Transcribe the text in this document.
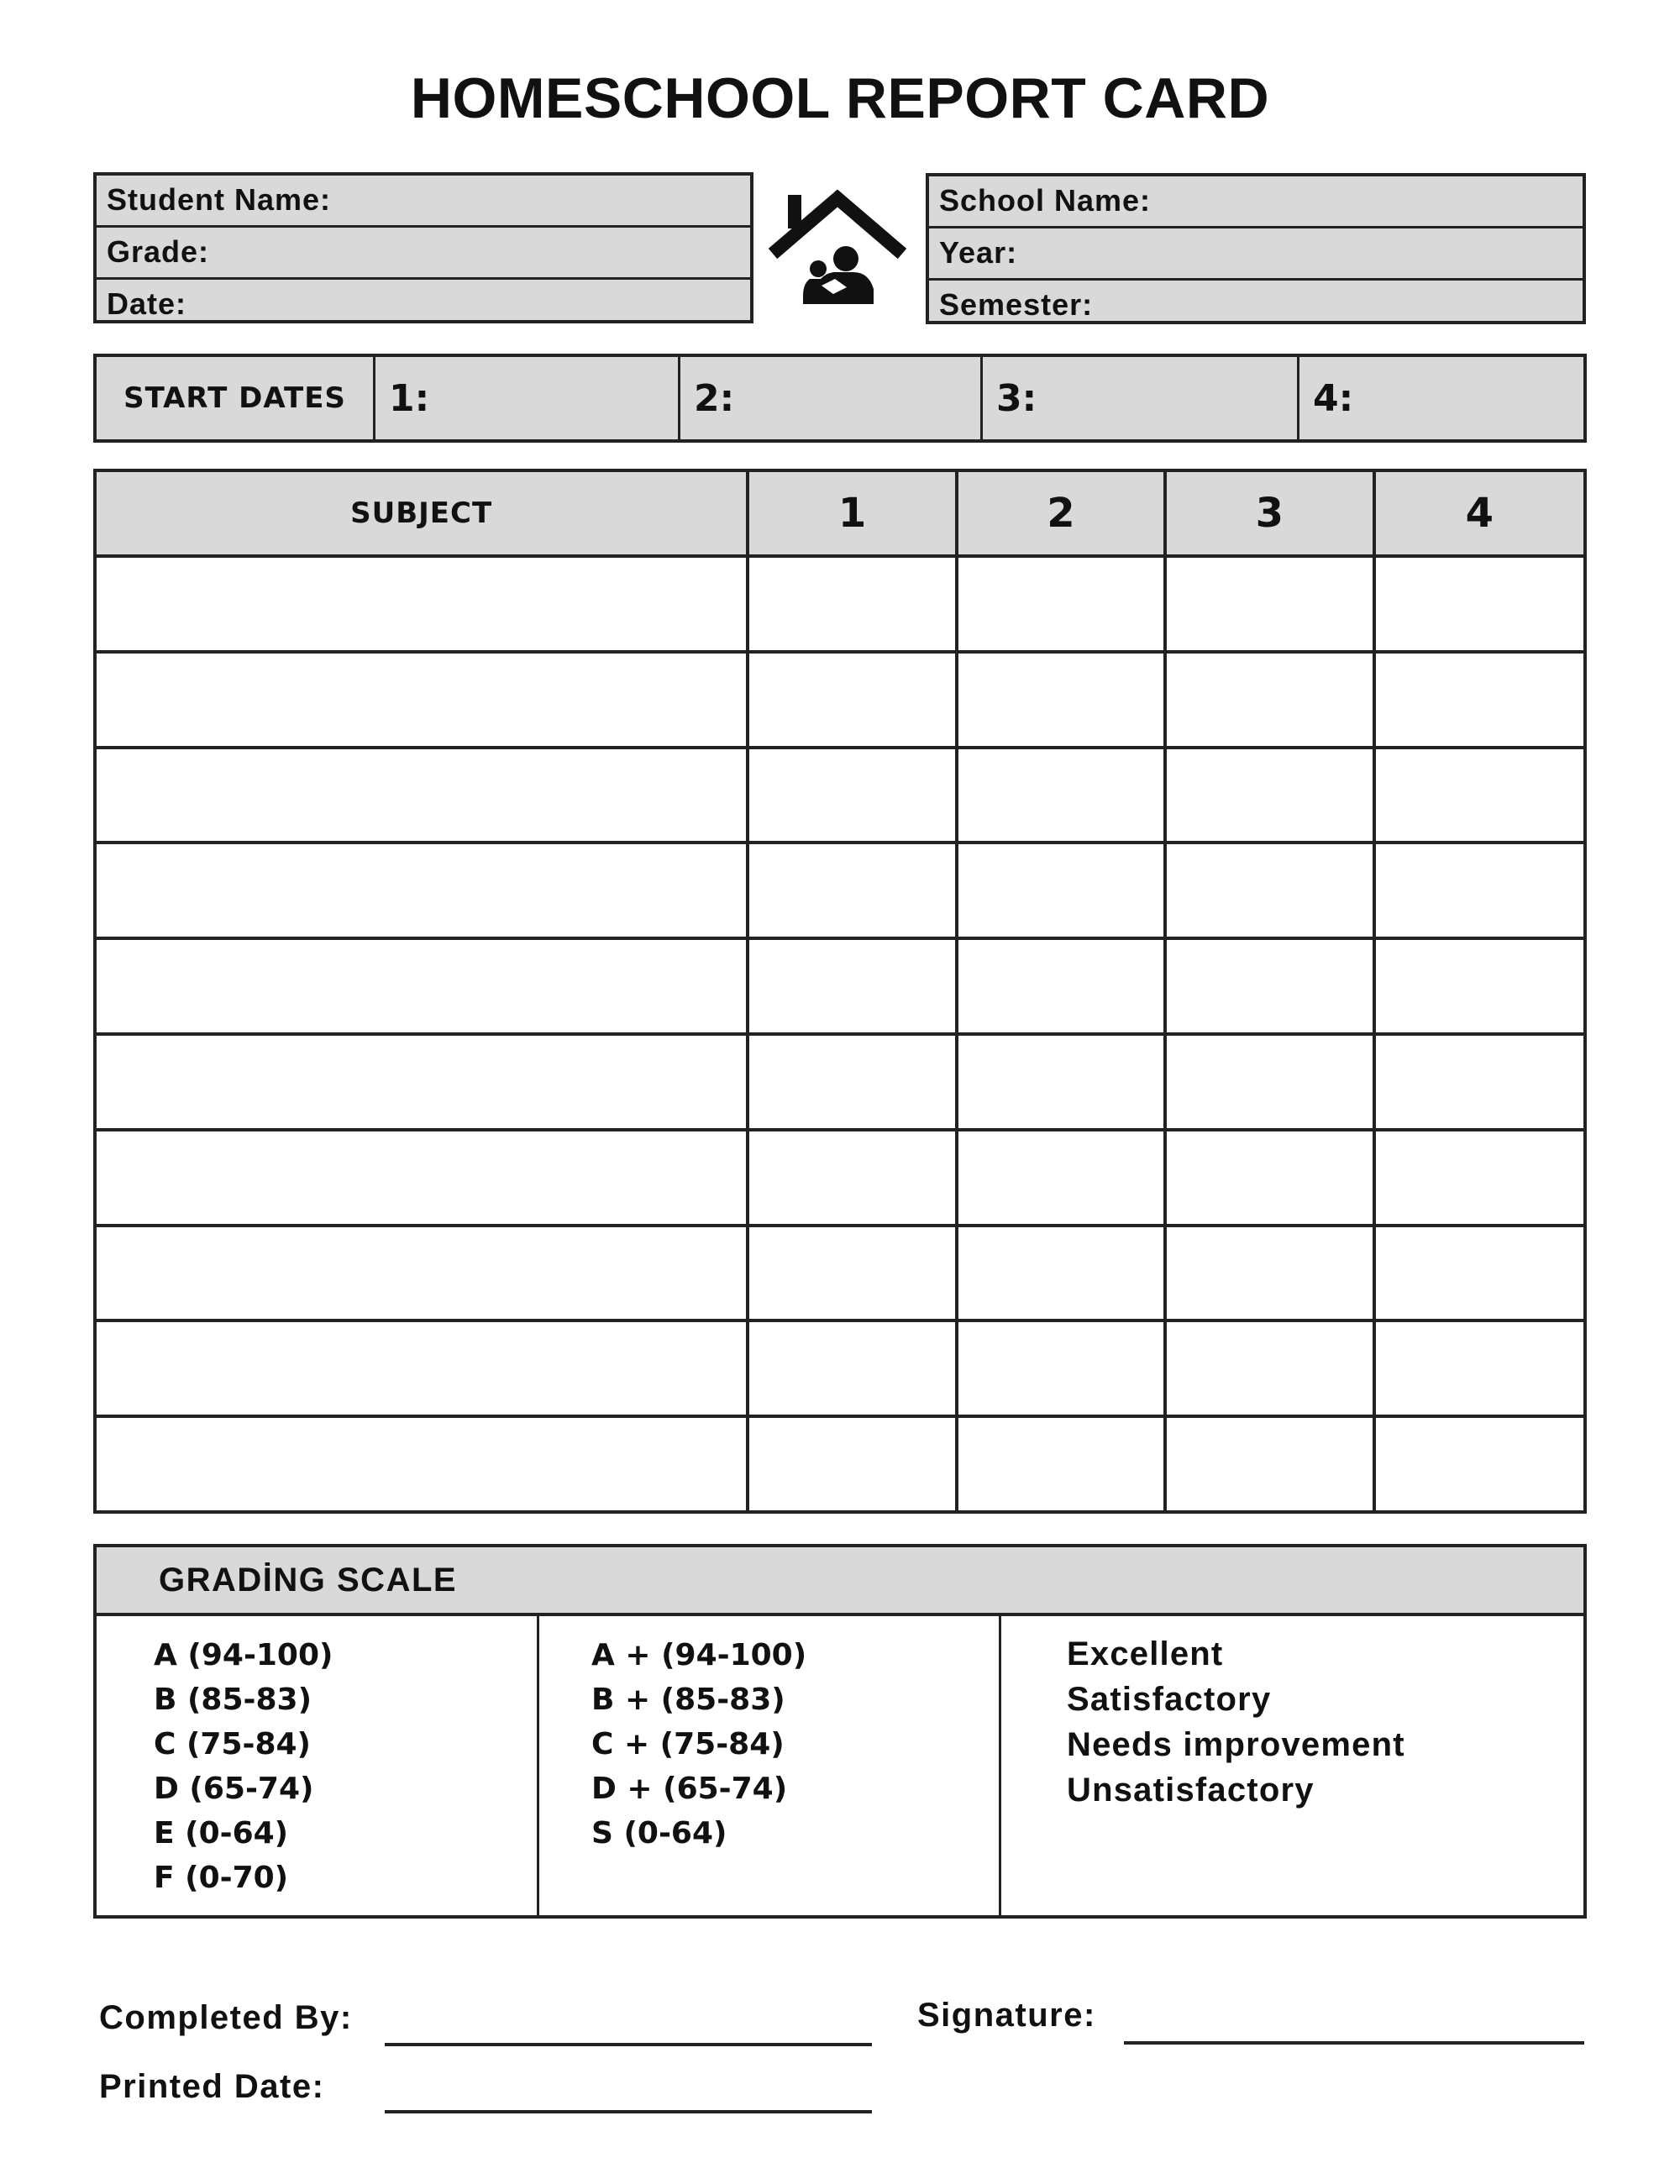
HOMESCHOOL REPORT CARD
Student Name:
Grade:
Date:
School Name:
Year:
Semester:
START DATES	1:	2:	3:	4:
SUBJECT	1	2	3	4

GRADİNG SCALE
A (94-100)
B (85-83)
C (75-84)
D (65-74)
E (0-64)
F (0-70)
A + (94-100)
B + (85-83)
C + (75-84)
D + (65-74)
S (0-64)
Excellent
Satisfactory
Needs improvement
Unsatisfactory
Completed By:	Signature:
Printed Date:
